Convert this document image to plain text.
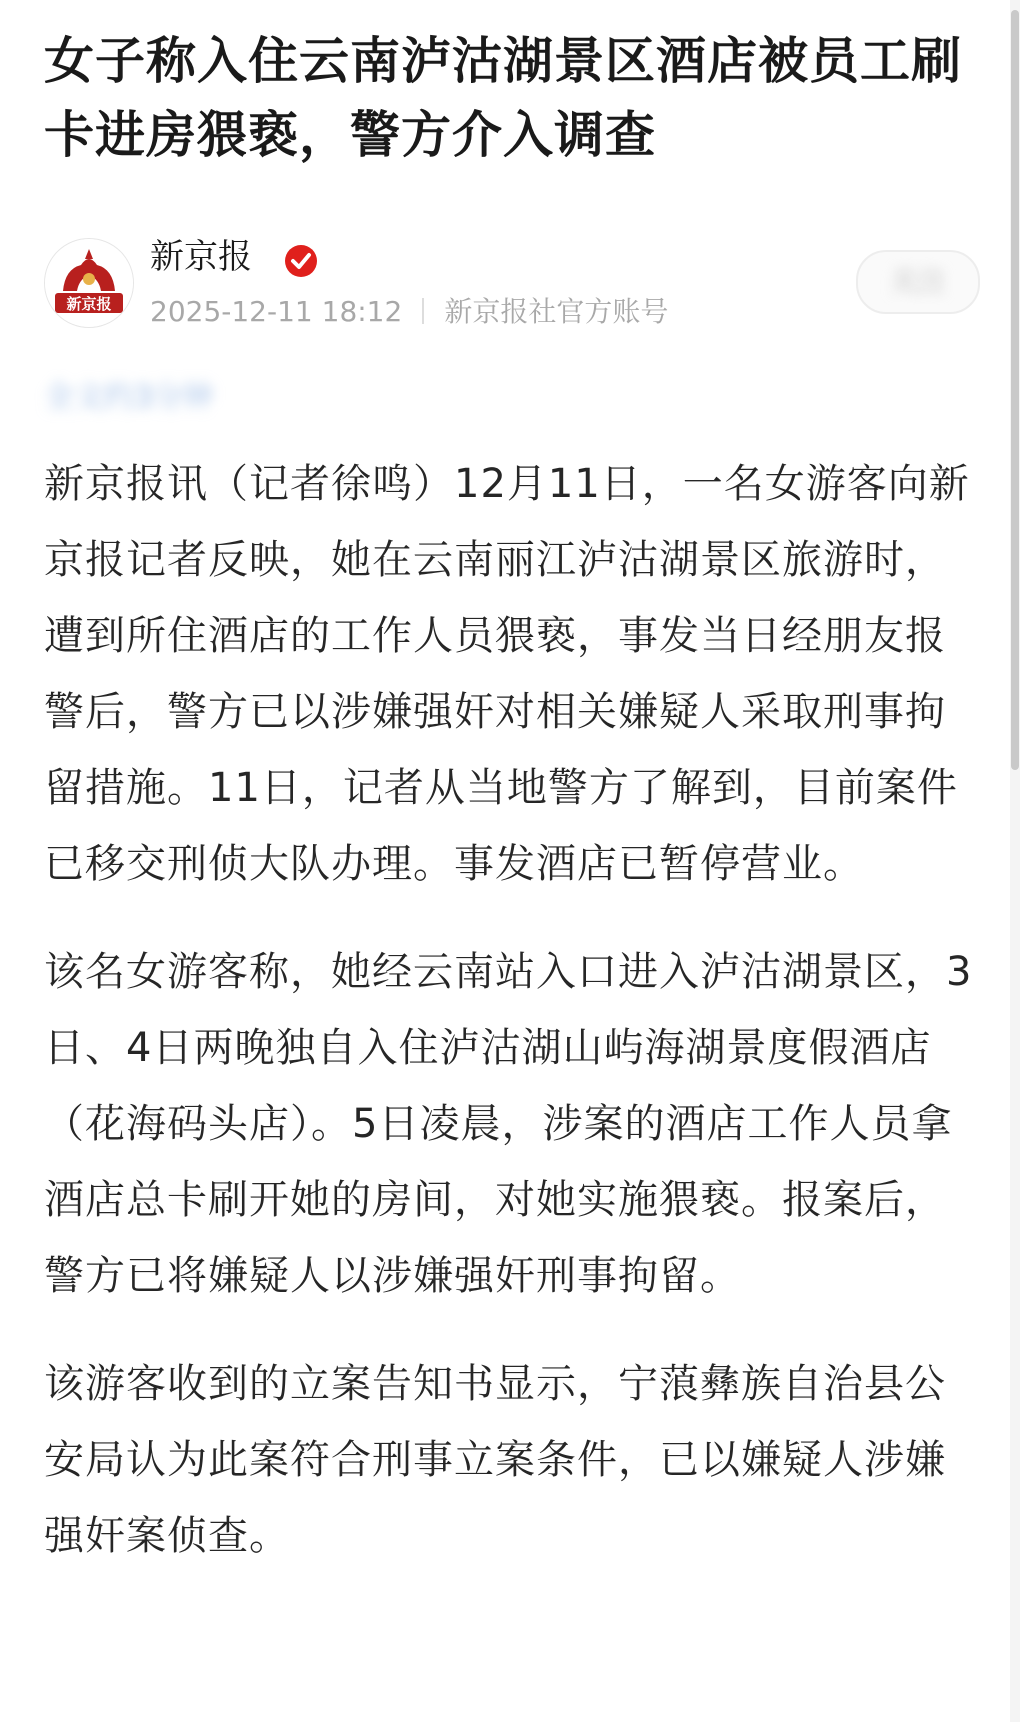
女子称入住云南泸沽湖景区酒店被员工刷卡进房猥亵，警方介入调查
新京报
新京报
2025-12-11 18:12 新京报社官方账号
关注
全文约3分钟

新京报讯（记者徐鸣）12月11日，一名女游客向新京报记者反映，她在云南丽江泸沽湖景区旅游时，遭到所住酒店的工作人员猥亵，事发当日经朋友报警后，警方已以涉嫌强奸对相关嫌疑人采取刑事拘留措施。11日，记者从当地警方了解到，目前案件已移交刑侦大队办理。事发酒店已暂停营业。

该名女游客称，她经云南站入口进入泸沽湖景区，3日、4日两晚独自入住泸沽湖山屿海湖景度假酒店（花海码头店）。5日凌晨，涉案的酒店工作人员拿酒店总卡刷开她的房间，对她实施猥亵。报案后，警方已将嫌疑人以涉嫌强奸刑事拘留。

该游客收到的立案告知书显示，宁蒗彝族自治县公安局认为此案符合刑事立案条件，已以嫌疑人涉嫌强奸案侦查。
